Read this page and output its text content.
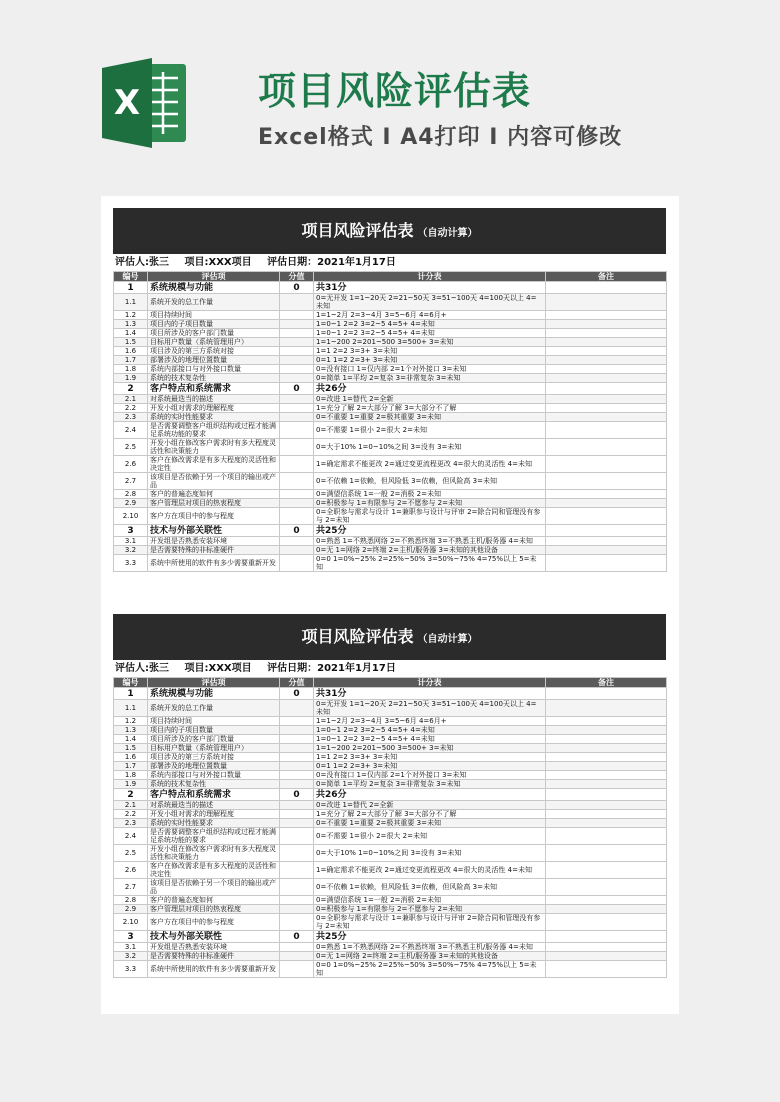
X	项目风险评估表
Excel格式 Ⅰ A4打印 Ⅰ 内容可修改
项目风险评估表 （自动计算）
评估人:张三 项目:XXX项目 评估日期：2021年1月17日
编号	评估项	分值	计分表	备注
1	系统规模与功能	0	共31分	
1.1	系统开发的总工作量		0=无开发 1=1~20天 2=21~50天 3=51~100天 4=100天以上 4=未知	
1.2	项目持续时间		1=1~2月 2=3~4月 3=5~6月 4=6月+	
1.3	项目内的子项目数量		1=0~1 2=2 3=2~5 4=5+ 4=未知	
1.4	项目所涉及的客户部门数量		1=0~1 2=2 3=2~5 4=5+ 4=未知	
1.5	目标用户数量（系统管理用户）		1=1~200 2=201~500 3=500+ 3=未知	
1.6	项目涉及的第三方系统对接		1=1 2=2 3=3+ 3=未知	
1.7	部署涉及的地理位置数量		0=1 1=2 2=3+ 3=未知	
1.8	系统内部接口与对外接口数量		0=没有接口 1=仅内部 2=1个对外接口 3=未知	
1.9	系统的技术复杂性		0=简单 1=平均 2=复杂 3=非常复杂 3=未知	
2	客户特点和系统需求	0	共26分	
2.1	对系统最迭当的描述		0=改进 1=替代 2=全新	
2.2	开发小组对需求的理解程度		1=充分了解 2=大部分了解 3=大部分不了解	
2.3	系统的实时性能要求		0=不重要 1=重要 2=极其重要 3=未知	
2.4	是否需要调整客户组织结构或过程才能满足系统功能的要求		0=不需要 1=很小 2=很大 2=未知	
2.5	开发小组在修改客户需求时有多大程度灵活性和决策能力		0=大于10% 1=0~10%之间 3=没有 3=未知	
2.6	客户在修改需求是有多大程度的灵活性和决定性		1=确定需求不能更改 2=通过变更流程更改 4=很大的灵活性 4=未知	
2.7	该项目是否依赖于另一个项目的输出或产品		0=不依赖 1=依赖，但风险低 3=依赖，但风险高 3=未知	
2.8	客户的普遍态度如何		0=满望信系统 1=一般 2=消极 2=未知	
2.9	客户管理层对项目的热衷程度		0=积极参与 1=有限参与 2=不愿参与 2=未知	
2.10	客户方在项目中的参与程度		0=全职参与需求与设计 1=兼职参与设计与评审 2=除合同和管理没有参与 2=未知	
3	技术与外部关联性	0	共25分	
3.1	开发组是否熟悉安装环境		0=熟悉 1=不熟悉网络 2=不熟悉终端 3=不熟悉主机/服务器 4=未知	
3.2	是否需要特殊的非标准硬件		0=无 1=网络 2=终端 2=主机/服务器 3=未知的其他设备	
3.3	系统中所使用的软件有多少需要重新开发		0=0 1=0%~25% 2=25%~50% 3=50%~75% 4=75%以上 5=未知	
项目风险评估表 （自动计算）
评估人:张三 项目:XXX项目 评估日期：2021年1月17日
编号	评估项	分值	计分表	备注
1	系统规模与功能	0	共31分	
1.1	系统开发的总工作量		0=无开发 1=1~20天 2=21~50天 3=51~100天 4=100天以上 4=未知	
1.2	项目持续时间		1=1~2月 2=3~4月 3=5~6月 4=6月+	
1.3	项目内的子项目数量		1=0~1 2=2 3=2~5 4=5+ 4=未知	
1.4	项目所涉及的客户部门数量		1=0~1 2=2 3=2~5 4=5+ 4=未知	
1.5	目标用户数量（系统管理用户）		1=1~200 2=201~500 3=500+ 3=未知	
1.6	项目涉及的第三方系统对接		1=1 2=2 3=3+ 3=未知	
1.7	部署涉及的地理位置数量		0=1 1=2 2=3+ 3=未知	
1.8	系统内部接口与对外接口数量		0=没有接口 1=仅内部 2=1个对外接口 3=未知	
1.9	系统的技术复杂性		0=简单 1=平均 2=复杂 3=非常复杂 3=未知	
2	客户特点和系统需求	0	共26分	
2.1	对系统最迭当的描述		0=改进 1=替代 2=全新	
2.2	开发小组对需求的理解程度		1=充分了解 2=大部分了解 3=大部分不了解	
2.3	系统的实时性能要求		0=不重要 1=重要 2=极其重要 3=未知	
2.4	是否需要调整客户组织结构或过程才能满足系统功能的要求		0=不需要 1=很小 2=很大 2=未知	
2.5	开发小组在修改客户需求时有多大程度灵活性和决策能力		0=大于10% 1=0~10%之间 3=没有 3=未知	
2.6	客户在修改需求是有多大程度的灵活性和决定性		1=确定需求不能更改 2=通过变更流程更改 4=很大的灵活性 4=未知	
2.7	该项目是否依赖于另一个项目的输出或产品		0=不依赖 1=依赖，但风险低 3=依赖，但风险高 3=未知	
2.8	客户的普遍态度如何		0=满望信系统 1=一般 2=消极 2=未知	
2.9	客户管理层对项目的热衷程度		0=积极参与 1=有限参与 2=不愿参与 2=未知	
2.10	客户方在项目中的参与程度		0=全职参与需求与设计 1=兼职参与设计与评审 2=除合同和管理没有参与 2=未知	
3	技术与外部关联性	0	共25分	
3.1	开发组是否熟悉安装环境		0=熟悉 1=不熟悉网络 2=不熟悉终端 3=不熟悉主机/服务器 4=未知	
3.2	是否需要特殊的非标准硬件		0=无 1=网络 2=终端 2=主机/服务器 3=未知的其他设备	
3.3	系统中所使用的软件有多少需要重新开发		0=0 1=0%~25% 2=25%~50% 3=50%~75% 4=75%以上 5=未知	
